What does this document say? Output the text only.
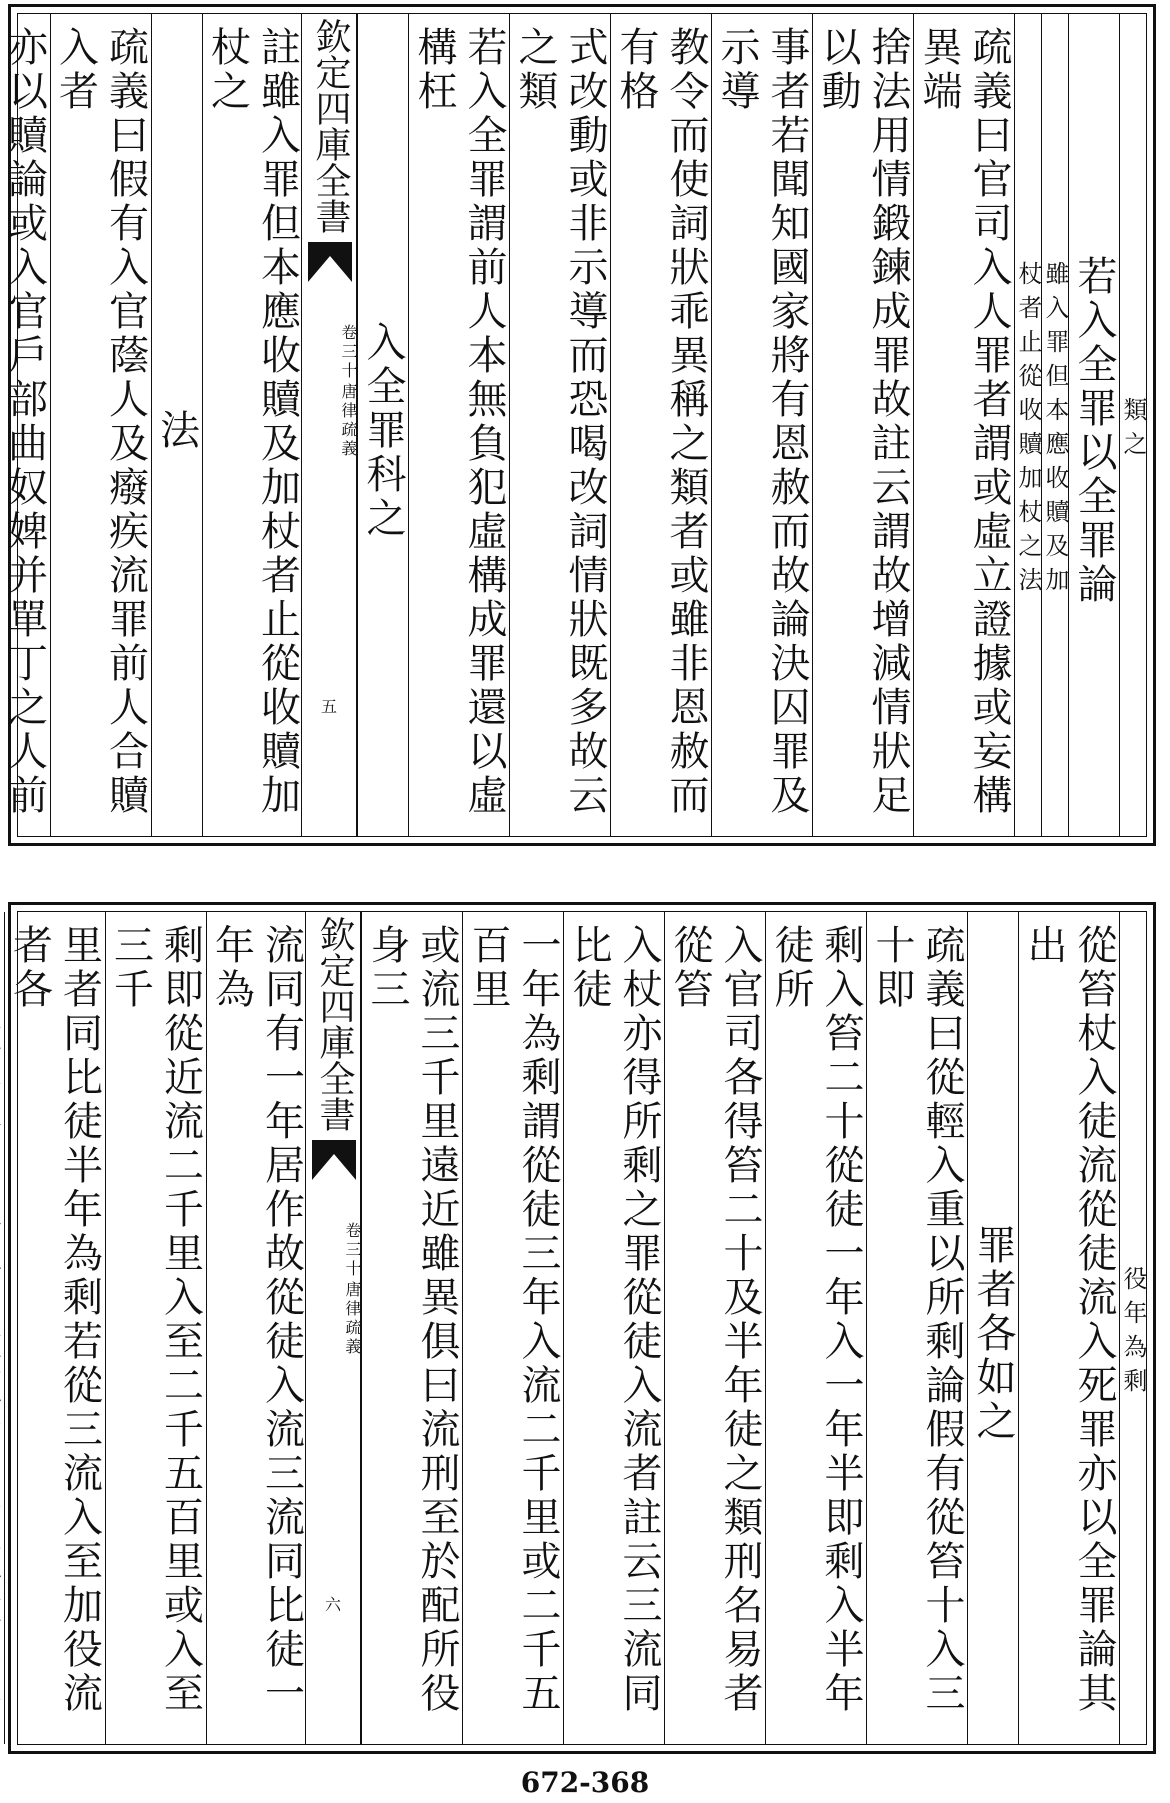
類之
若入全罪以全罪論
雖入罪但本應
收贖及加
杖者止從收贖
加杖之法
疏義曰官司入人罪者謂或虛立證據或妄構異端
捨法用情鍛鍊成罪故註云謂故增減情狀足以動
事者若聞知國家將有恩赦而故論決囚罪及示導
教令而使詞狀乖異稱之類者或雖非恩赦而有格
式改動或非示導而恐喝改詞情狀既多故云之類
若入全罪謂前人本無負犯虛構成罪還以虛構枉
入全罪科之
欽定四庫全書
唐律疏義
卷三十
五
註雖入罪但本應收贖及加杖者止從收贖加杖之
法
疏義曰假有入官蔭人及癈疾流罪前人合贖入者
亦以贖論或入官戶部曲奴婢并單丁之人前
役年為剩
從笞杖入徒流從徒流入死罪亦以全罪論其出
罪者各如之
疏義曰從輕入重以所剩論假有從笞十入三十即
剩入笞二十從徒一年入一年半即剩入半年徒所
入官司各得笞二十及半年徒之類刑名易者從笞
入杖亦得所剩之罪從徒入流者註云三流同比徒
一年為剩謂從徒三年入流二千里或二千五百里
或流三千里遠近雖異俱曰流刑至於配所役身三
欽定四庫全書
唐律疏義
卷三十
六
流同有一年居作故從徒入流三流同比徒一年為
剩即從近流二千里入至二千五百里或入至三千
里者同比徒半年為剩若從三流入至加役流者各
672-368
